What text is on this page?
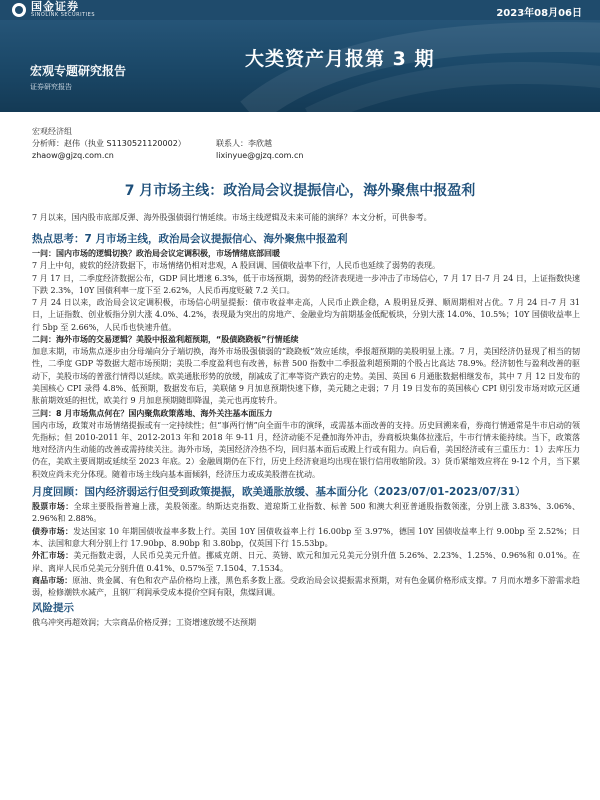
国金证券
SINOLINK SECURITIES	2023年08月06日
宏观专题研究报告
证券研究报告
大类资产月报第 3 期
宏观经济组
分析师：赵伟（执业 S1130521120002）	联系人：李欣越
zhaow@gjzq.com.cn	lixinyue@gjzq.com.cn
7 月市场主线：政治局会议提振信心，海外聚焦中报盈利

7 月以来，国内股市底部反弹、海外股强债弱行情延续。市场主线逻辑及未来可能的演绎？本文分析，可供参考。

热点思考：7 月市场主线，政治局会议提振信心、海外聚焦中报盈利
一问：国内市场的逻辑切换？政治局会议定调积极，市场情绪底部回暖

7 月上中旬，疲软的经济数据下，市场情绪仍相对悲观，A 股回调、国债收益率下行，人民币也延续了弱势的表现。

7 月 17 日，二季度经济数据公布，GDP 同比增速 6.3%，低于市场预期，弱势的经济表现进一步冲击了市场信心，7 月 17 日-7 月 24 日，上证指数快速下跌 2.3%，10Y 国债利率一度下至 2.62%，人民币再度贬破 7.2 关口。

7 月 24 日以来，政治局会议定调积极，市场信心明显提振：债市收益率走高，人民币止跌企稳，A 股明显反弹、顺周期相对占优。7 月 24 日-7 月 31 日，上证指数、创业板指分别大涨 4.0%、4.2%，表现最为突出的房地产、金融业均为前期基金低配板块，分别大涨 14.0%、10.5%；10Y 国债收益率上行 5bp 至 2.66%，人民币也快速升值。

二问：海外市场的交易逻辑？美股中报盈利超预期，“股债跷跷板”行情延续

加息末期，市场焦点逐步由分母端向分子端切换，海外市场股强债弱的“跷跷板”效应延续，季报超预期的美股明显上涨。7 月，美国经济仍显现了相当的韧性，二季度 GDP 等数据大超市场预期；美股二季度盈利也有改善，标普 500 指数中二季报盈利超预期的个股占比高达 78.9%。经济韧性与盈利改善的驱动下，美股市场的普涨行情得以延续。欧美通胀形势的放缓，削减成了汇率等资产跌宕的走势。美国、英国 6 月通胀数据相继发布，其中 7 月 12 日发布的美国核心 CPI 录得 4.8%、低预期，数据发布后，美联储 9 月加息预期快速下修，美元随之走弱；7 月 19 日发布的英国核心 CPI 则引发市场对欧元区通胀前期效延的担忧，欧美行 9 月加息预期随即降温，美元也再度转升。

三问：8 月市场焦点何在？国内聚焦政策落地、海外关注基本面压力

国内市场，政策对市场情绪提振或有一定持续性；但“事两行情”向全面牛市的演绎，或需基本面改善的支持。历史回溯来看，券商行情通常是牛市启动的领先指标；但 2010-2011 年、2012-2013 年和 2018 年 9-11 月，经济动能不足叠加海外冲击，券商板块集体拉涨后，牛市行情未能持续。当下，政策落地对经济内生动能的改善或需持续关注。海外市场，美国经济冷热不均，回归基本面后或殿上行或有阻力。向后看，美国经济或有三重压力：1）去库压力仍在，美欧主要周期或延续至 2023 年底。2）金融周期仍在下行，历史上经济衰退均出现在银行信用收缩阶段。3）货币紧缩效应将在 9-12 个月，当下累积效应尚未充分体现。随着市场主线向基本面倾斜，经济压力或成美股潜在扰动。

月度回顾：国内经济弱运行但受到政策提振，欧美通胀放缓、基本面分化（2023/07/01-2023/07/31）

股票市场：全球主要股指普遍上涨，美股领涨。纳斯达克指数、道琼斯工业指数、标普 500 和澳大利亚普通股指数领涨，分别上涨 3.83%、3.06%、2.96%和 2.88%。

债券市场：发达国家 10 年期国债收益率多数上行。美国 10Y 国债收益率上行 16.00bp 至 3.97%，德国 10Y 国债收益率上行 9.00bp 至 2.52%；日本、法国和意大利分别上行 17.90bp、8.90bp 和 3.80bp，仅英国下行 15.53bp。

外汇市场：美元指数走弱，人民币兑美元升值。挪威克朗、日元、英镑、欧元和加元兑美元分别升值 5.26%、2.23%、1.25%、0.96%和 0.01%。在岸、离岸人民币兑美元分别升值 0.41%、0.57%至 7.1504、7.1534。

商品市场：原油、贵金属、有色和农产品价格均上涨，黑色系多数上涨。受政治局会议提振需求预期，对有色金属价格形成支撑。7 月而水增多下游需求趋弱，检修潮铁水减产，且钢厂利润承受成本提价空间有限，焦煤回调。

风险提示

俄乌冲突再超效润；大宗商品价格反弹；工资增速放缓不达预期
